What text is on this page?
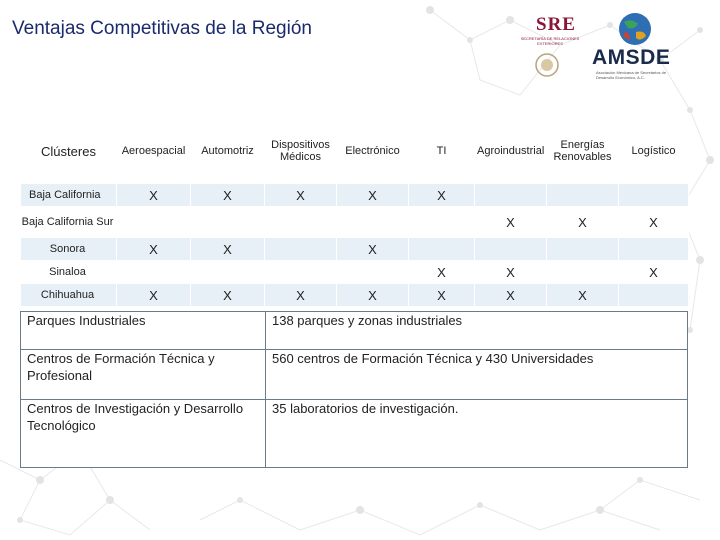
Ventajas Competitivas de la Región	SRE
SECRETARÍA DE RELACIONES EXTERIORES
AMSDE
Asociación Mexicana de Secretarios de Desarrollo Económico, A.C.
Clústeres	Aeroespacial	Automotriz	Dispositivos Médicos	Electrónico	TI	Agroindustrial	Energías Renovables	Logístico
Baja California	X	X	X	X	X			
Baja California Sur						X	X	X
Sonora	X	X		X				
Sinaloa					X	X		X
Chihuahua	X	X	X	X	X	X	X	
Parques Industriales	138 parques y zonas industriales
Centros de Formación Técnica y Profesional	560 centros de Formación Técnica y 430 Universidades
Centros de Investigación y Desarrollo Tecnológico	35 laboratorios de investigación.
